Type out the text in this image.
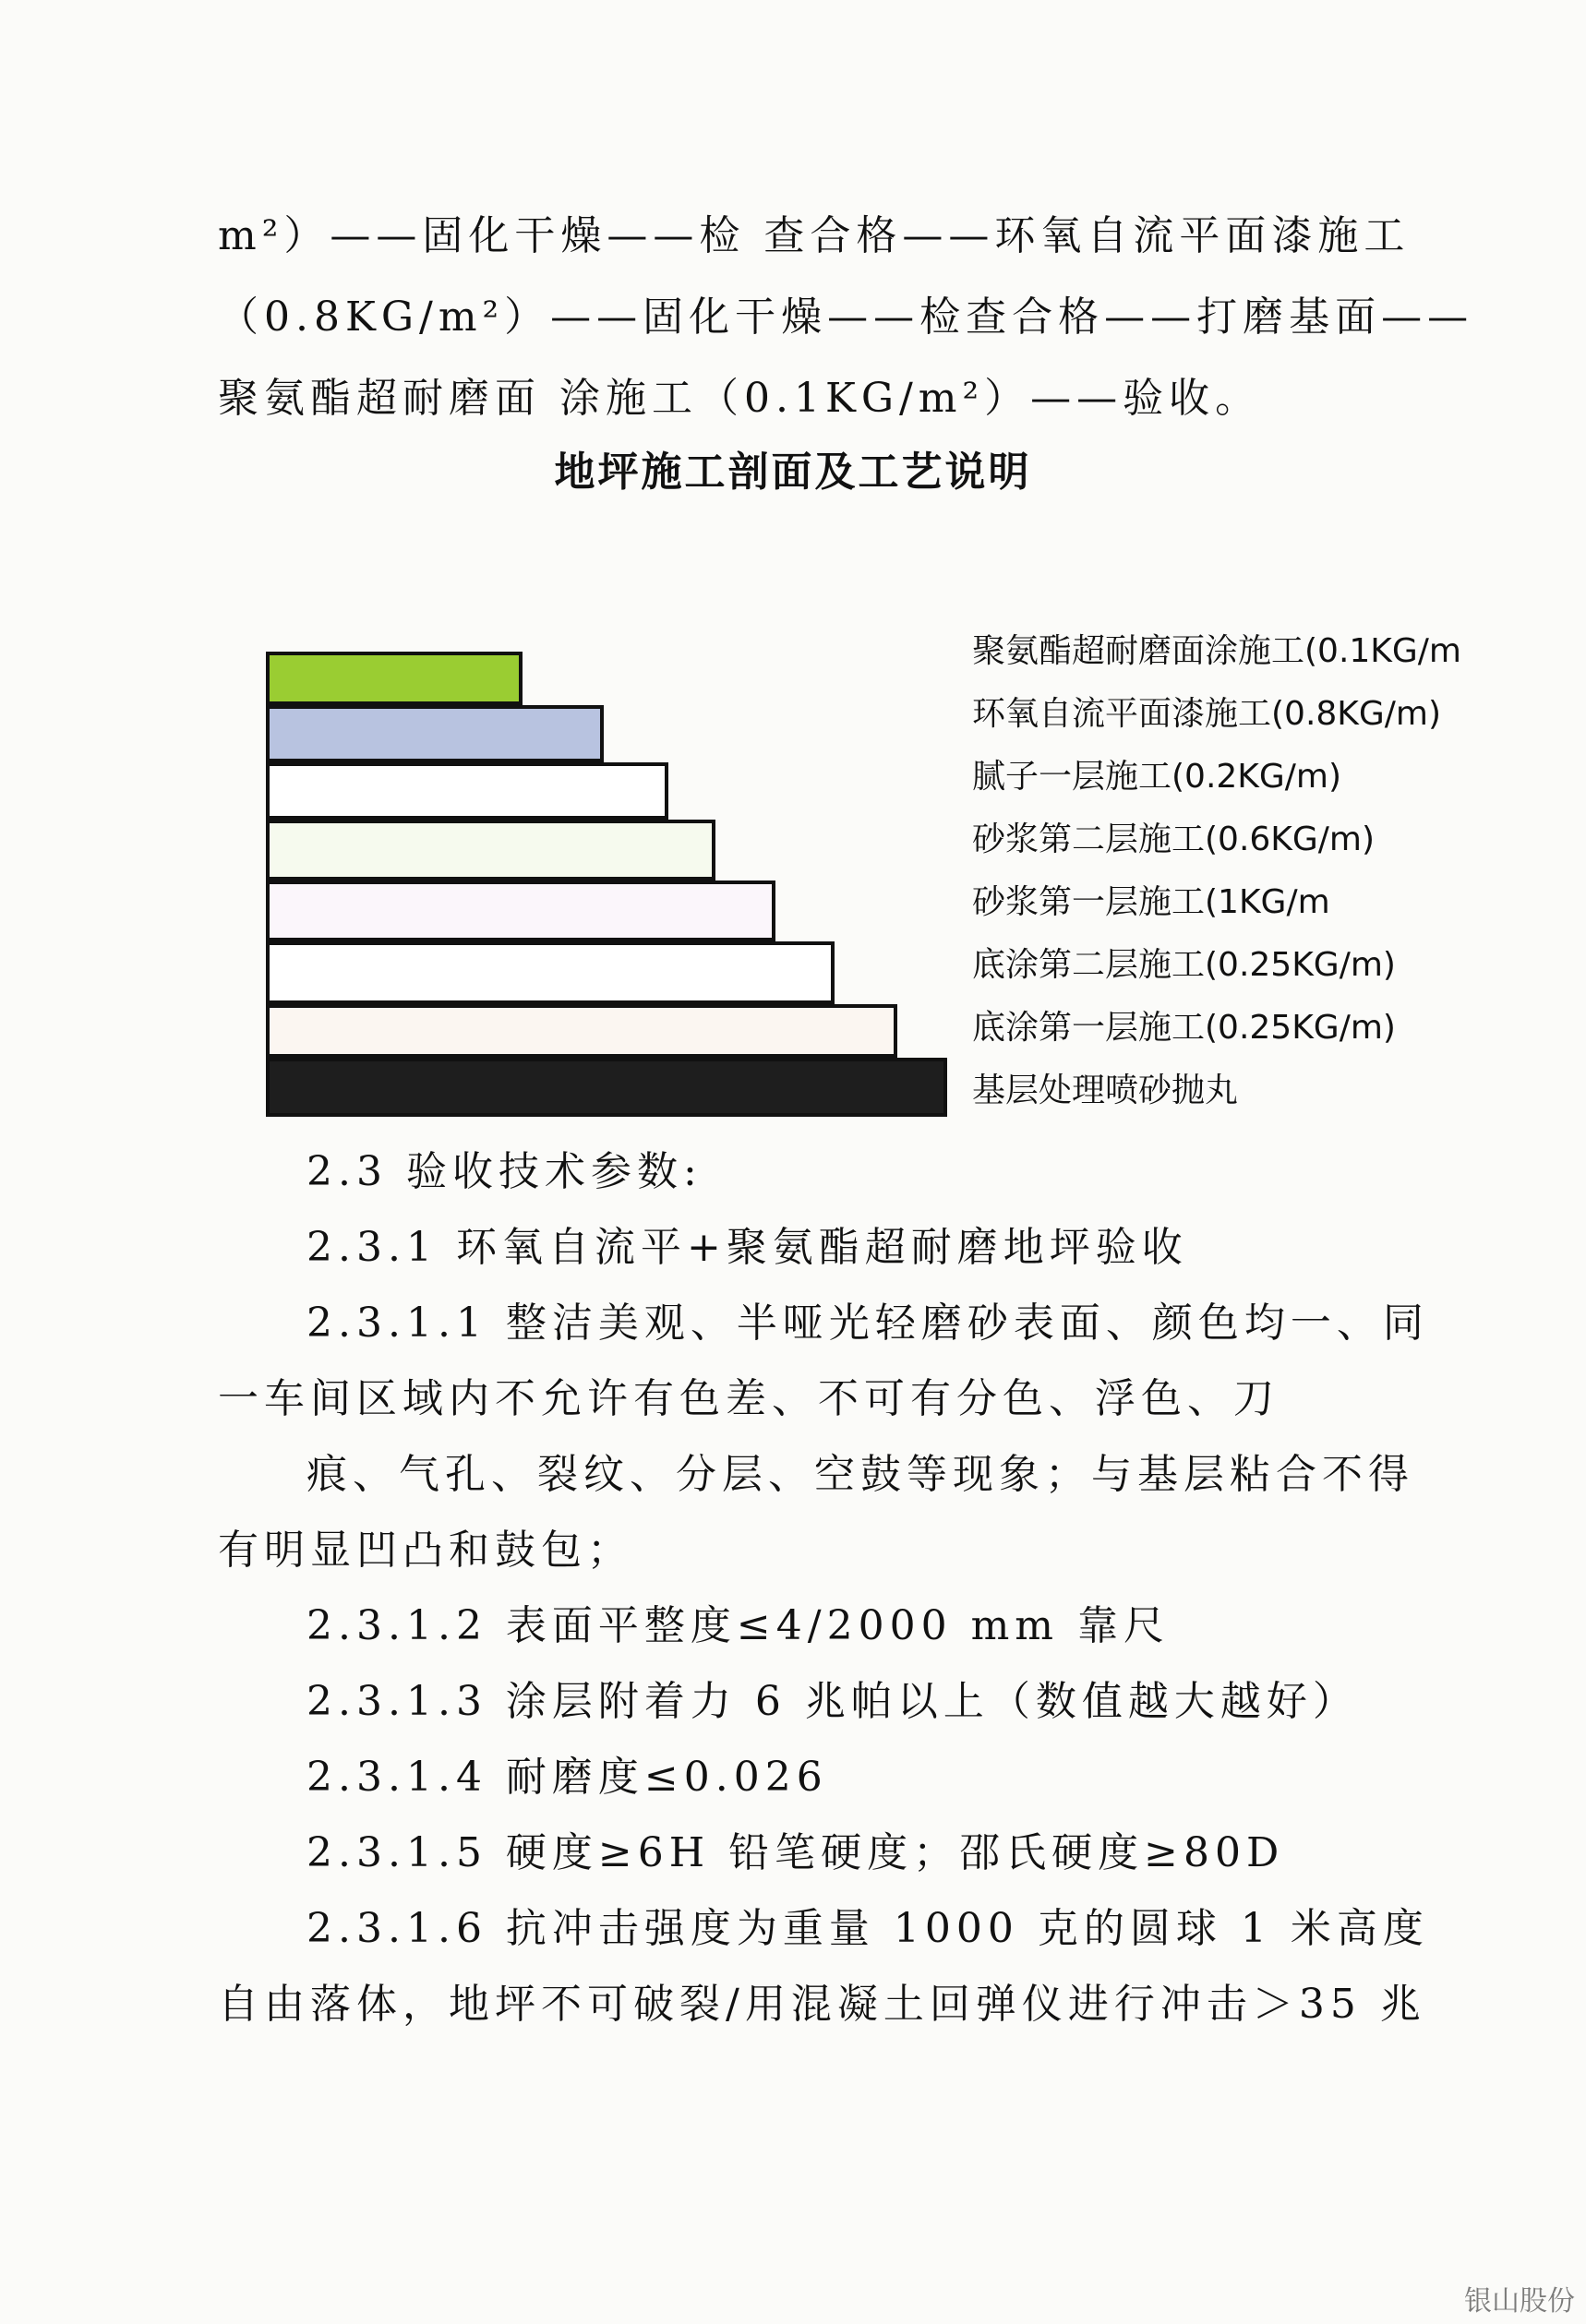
m²）——固化干燥——检 查合格——环氧自流平面漆施工
（0.8KG/m²）——固化干燥——检查合格——打磨基面——
聚氨酯超耐磨面 涂施工（0.1KG/m²）——验收。
地坪施工剖面及工艺说明
聚氨酯超耐磨面涂施工(0.1KG/m
环氧自流平面漆施工(0.8KG/m)
腻子一层施工(0.2KG/m)
砂浆第二层施工(0.6KG/m)
砂浆第一层施工(1KG/m
底涂第二层施工(0.25KG/m)
底涂第一层施工(0.25KG/m)
基层处理喷砂抛丸
2.3 验收技术参数:
2.3.1 环氧自流平+聚氨酯超耐磨地坪验收
2.3.1.1 整洁美观、半哑光轻磨砂表面、颜色均一、同
一车间区域内不允许有色差、不可有分色、浮色、刀
痕、气孔、裂纹、分层、空鼓等现象；与基层粘合不得
有明显凹凸和鼓包；
2.3.1.2 表面平整度≤4/2000 mm 靠尺
2.3.1.3 涂层附着力 6 兆帕以上（数值越大越好）
2.3.1.4 耐磨度≤0.026
2.3.1.5 硬度≥6H 铅笔硬度；邵氏硬度≥80D
2.3.1.6 抗冲击强度为重量 1000 克的圆球 1 米高度
自由落体，地坪不可破裂/用混凝土回弹仪进行冲击＞35 兆
银山股份
